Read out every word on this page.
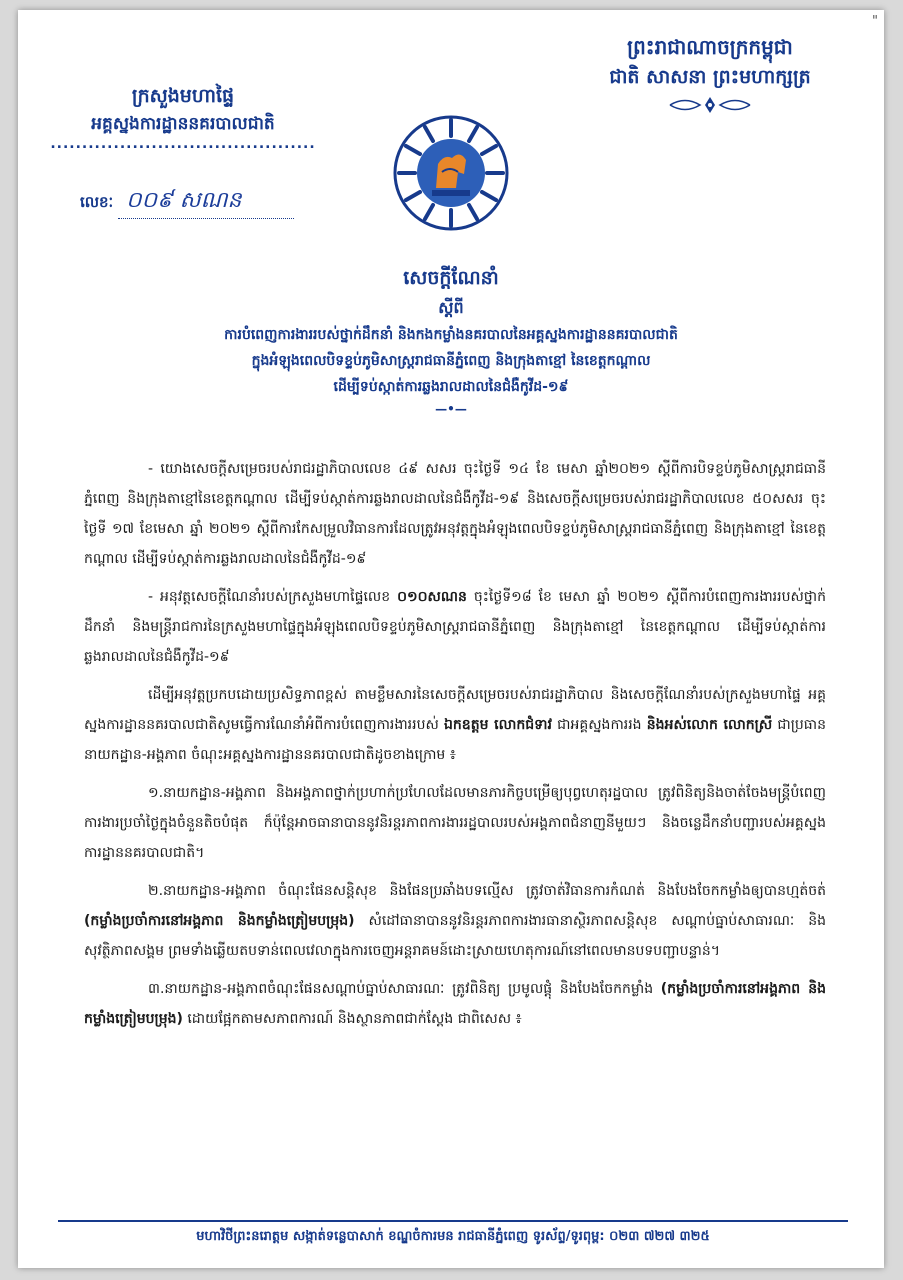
"
ព្រះរាជាណាចក្រកម្ពុជា
ជាតិ សាសនា ព្រះមហាក្សត្រ
ក្រសួងមហាផ្ទៃ
អគ្គស្នងការដ្ឋាននគរបាលជាតិ
..........................................
លេខៈ ០០៩ សណន
សេចក្តីណែនាំ
ស្តីពី
ការបំពេញការងាររបស់ថ្នាក់ដឹកនាំ និងកងកម្លាំងនគរបាលនៃអគ្គស្នងការដ្ឋាននគរបាលជាតិ
ក្នុងអំឡុងពេលបិទខ្ទប់ភូមិសាស្ត្ររាជធានីភ្នំពេញ និងក្រុងតាខ្មៅ នៃខេត្តកណ្តាល
ដើម្បីទប់ស្កាត់ការឆ្លងរាលដាលនៃជំងឺកូវីដ-១៩
—•—

- យោងសេចក្តីសម្រេចរបស់រាជរដ្ឋាភិបាលលេខ ៤៩ សសរ ចុះថ្ងៃទី ១៤ ខែ មេសា ឆ្នាំ២០២១ ស្តីពីការបិទខ្ទប់ភូមិសាស្ត្ររាជធានីភ្នំពេញ និងក្រុងតាខ្មៅនៃខេត្តកណ្តាល ដើម្បីទប់ស្កាត់ការឆ្លងរាលដាលនៃជំងឺកូវីដ-១៩ និងសេចក្តីសម្រេចរបស់រាជរដ្ឋាភិបាលលេខ ៥០សសរ ចុះថ្ងៃទី ១៧ ខែមេសា ឆ្នាំ ២០២១ ស្តីពីការកែសម្រួលវិធានការដែលត្រូវអនុវត្តក្នុងអំឡុងពេលបិទខ្ទប់ភូមិសាស្ត្ររាជធានីភ្នំពេញ និងក្រុងតាខ្មៅ នៃខេត្តកណ្តាល ដើម្បីទប់ស្កាត់ការឆ្លងរាលដាលនៃជំងឺកូវីដ-១៩

- អនុវត្តសេចក្តីណែនាំរបស់ក្រសួងមហាផ្ទៃលេខ ០១០សណន ចុះថ្ងៃទី១៨ ខែ មេសា ឆ្នាំ ២០២១ ស្តីពីការបំពេញការងាររបស់ថ្នាក់ដឹកនាំ និងមន្ត្រីរាជការនៃក្រសួងមហាផ្ទៃក្នុងអំឡុងពេលបិទខ្ទប់ភូមិសាស្ត្ររាជធានីភ្នំពេញ និងក្រុងតាខ្មៅ នៃខេត្តកណ្តាល ដើម្បីទប់ស្កាត់ការឆ្លងរាលដាលនៃជំងឺកូវីដ-១៩

ដើម្បីអនុវត្តប្រកបដោយប្រសិទ្ធភាពខ្ពស់ តាមខ្លឹមសារនៃសេចក្តីសម្រេចរបស់រាជរដ្ឋាភិបាល និងសេចក្តីណែនាំរបស់ក្រសួងមហាផ្ទៃ អគ្គស្នងការដ្ឋាននគរបាលជាតិសូមធ្វើការណែនាំអំពីការបំពេញការងាររបស់ ឯកឧត្តម លោកជំទាវ ជាអគ្គស្នងការរង និងអស់លោក លោកស្រី ជាប្រធាននាយកដ្ឋាន-អង្គភាព ចំណុះអគ្គស្នងការដ្ឋាននគរបាលជាតិដូចខាងក្រោម ៖

១.នាយកដ្ឋាន-អង្គភាព និងអង្គភាពថ្នាក់ប្រហាក់ប្រហែលដែលមានភារកិច្ចបម្រើឲ្យបុព្វហេតុរដ្ឋបាល ត្រូវពិនិត្យនិងចាត់ចែងមន្ត្រីបំពេញការងារប្រចាំថ្ងៃក្នុងចំនួនតិចបំផុត ក៏ប៉ុន្តែអាចធានាបាននូវនិរន្តរភាពការងាររដ្ឋបាលរបស់អង្គភាពជំនាញនីមួយៗ និងចន្លេដឹកនាំបញ្ជារបស់អគ្គស្នងការដ្ឋាននគរបាលជាតិ។

២.នាយកដ្ឋាន-អង្គភាព ចំណុះផែនសន្តិសុខ និងផែនប្រឆាំងបទល្មើស ត្រូវចាត់វិធានការកំណត់ និងបែងចែកកម្លាំងឲ្យបានហ្មត់ចត់ (កម្លាំងប្រចាំការនៅអង្គភាព និងកម្លាំងត្រៀមបម្រុង) សំដៅធានាបាននូវនិរន្តរភាពការងារធានាស្ថិរភាពសន្តិសុខ សណ្តាប់ធ្នាប់សាធារណៈ និងសុវត្ថិភាពសង្គម ព្រមទាំងឆ្លើយតបទាន់ពេលវេលាក្នុងការចេញអន្តរាគមន៍ដោះស្រាយហេតុការណ៍នៅពេលមានបទបញ្ជាបន្ទាន់។

៣.នាយកដ្ឋាន-អង្គភាពចំណុះផែនសណ្តាប់ធ្នាប់សាធារណៈ ត្រូវពិនិត្យ ប្រមូលផ្តុំ និងបែងចែកកម្លាំង (កម្លាំងប្រចាំការនៅអង្គភាព និងកម្លាំងត្រៀមបម្រុង) ដោយផ្អែកតាមសភាពការណ៍ និងស្ថានភាពជាក់ស្តែង ជាពិសេស ៖

មហាវិថីព្រះនរោត្តម សង្កាត់ទន្លេបាសាក់ ខណ្ឌចំការមន រាជធានីភ្នំពេញ ទូរស័ព្ទ/ទូរពុម្ព: ០២៣ ៧២៧ ៣២៥
